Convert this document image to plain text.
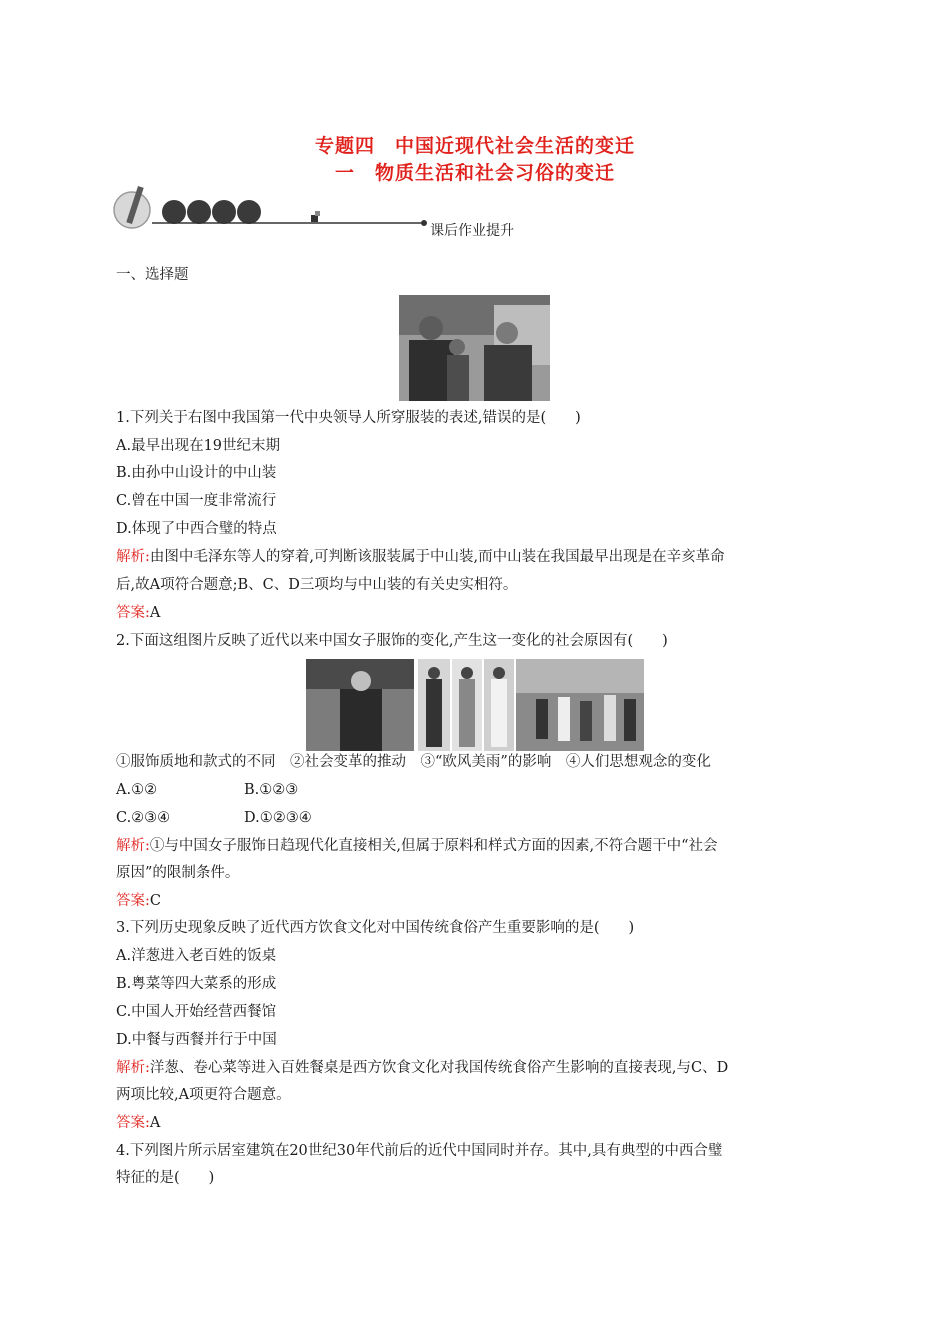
专题四　中国近现代社会生活的变迁
一　物质生活和社会习俗的变迁
课后作业提升
一、选择题
1.下列关于右图中我国第一代中央领导人所穿服装的表述,错误的是(　　)
A.最早出现在19世纪末期
B.由孙中山设计的中山装
C.曾在中国一度非常流行
D.体现了中西合璧的特点
解析:由图中毛泽东等人的穿着,可判断该服装属于中山装,而中山装在我国最早出现是在辛亥革命
后,故A项符合题意;B、C、D三项均与中山装的有关史实相符。
答案:A
2.下面这组图片反映了近代以来中国女子服饰的变化,产生这一变化的社会原因有(　　)
①服饰质地和款式的不同　②社会变革的推动　③“欧风美雨”的影响　④人们思想观念的变化
A.①②	B.①②③
C.②③④	D.①②③④
解析:①与中国女子服饰日趋现代化直接相关,但属于原料和样式方面的因素,不符合题干中“社会
原因”的限制条件。
答案:C
3.下列历史现象反映了近代西方饮食文化对中国传统食俗产生重要影响的是(　　)
A.洋葱进入老百姓的饭桌
B.粤菜等四大菜系的形成
C.中国人开始经营西餐馆
D.中餐与西餐并行于中国
解析:洋葱、卷心菜等进入百姓餐桌是西方饮食文化对我国传统食俗产生影响的直接表现,与C、D
两项比较,A项更符合题意。
答案:A
4.下列图片所示居室建筑在20世纪30年代前后的近代中国同时并存。其中,具有典型的中西合璧
特征的是(　　)
